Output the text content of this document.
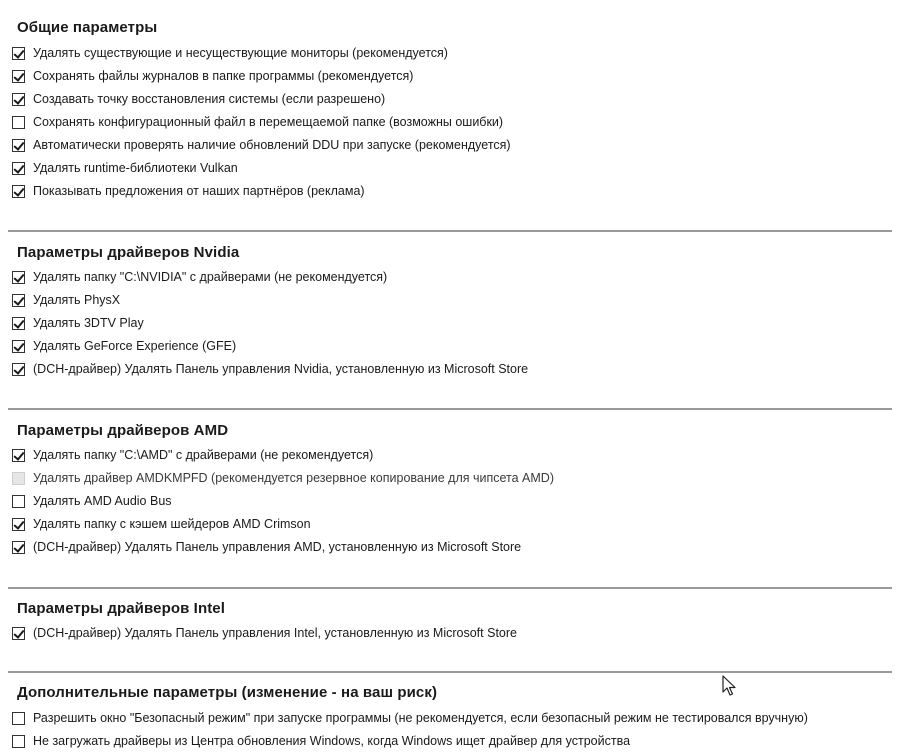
Общие параметры
Удалять существующие и несуществующие мониторы (рекомендуется)
Сохранять файлы журналов в папке программы (рекомендуется)
Создавать точку восстановления системы (если разрешено)
Сохранять конфигурационный файл в перемещаемой папке (возможны ошибки)
Автоматически проверять наличие обновлений DDU при запуске (рекомендуется)
Удалять runtime-библиотеки Vulkan
Показывать предложения от наших партнёров (реклама)
Параметры драйверов Nvidia
Удалять папку "C:\NVIDIA" с драйверами (не рекомендуется)
Удалять PhysX
Удалять 3DTV Play
Удалять GeForce Experience (GFE)
(DCH-драйвер) Удалять Панель управления Nvidia, установленную из Microsoft Store
Параметры драйверов AMD
Удалять папку "C:\AMD" с драйверами (не рекомендуется)
Удалять драйвер AMDKMPFD (рекомендуется резервное копирование для чипсета AMD)
Удалять AMD Audio Bus
Удалять папку с кэшем шейдеров AMD Crimson
(DCH-драйвер) Удалять Панель управления AMD, установленную из Microsoft Store
Параметры драйверов Intel
(DCH-драйвер) Удалять Панель управления Intel, установленную из Microsoft Store
Дополнительные параметры (изменение - на ваш риск)
Разрешить окно "Безопасный режим" при запуске программы (не рекомендуется, если безопасный режим не тестировался вручную)
Не загружать драйверы из Центра обновления Windows, когда Windows ищет драйвер для устройства
